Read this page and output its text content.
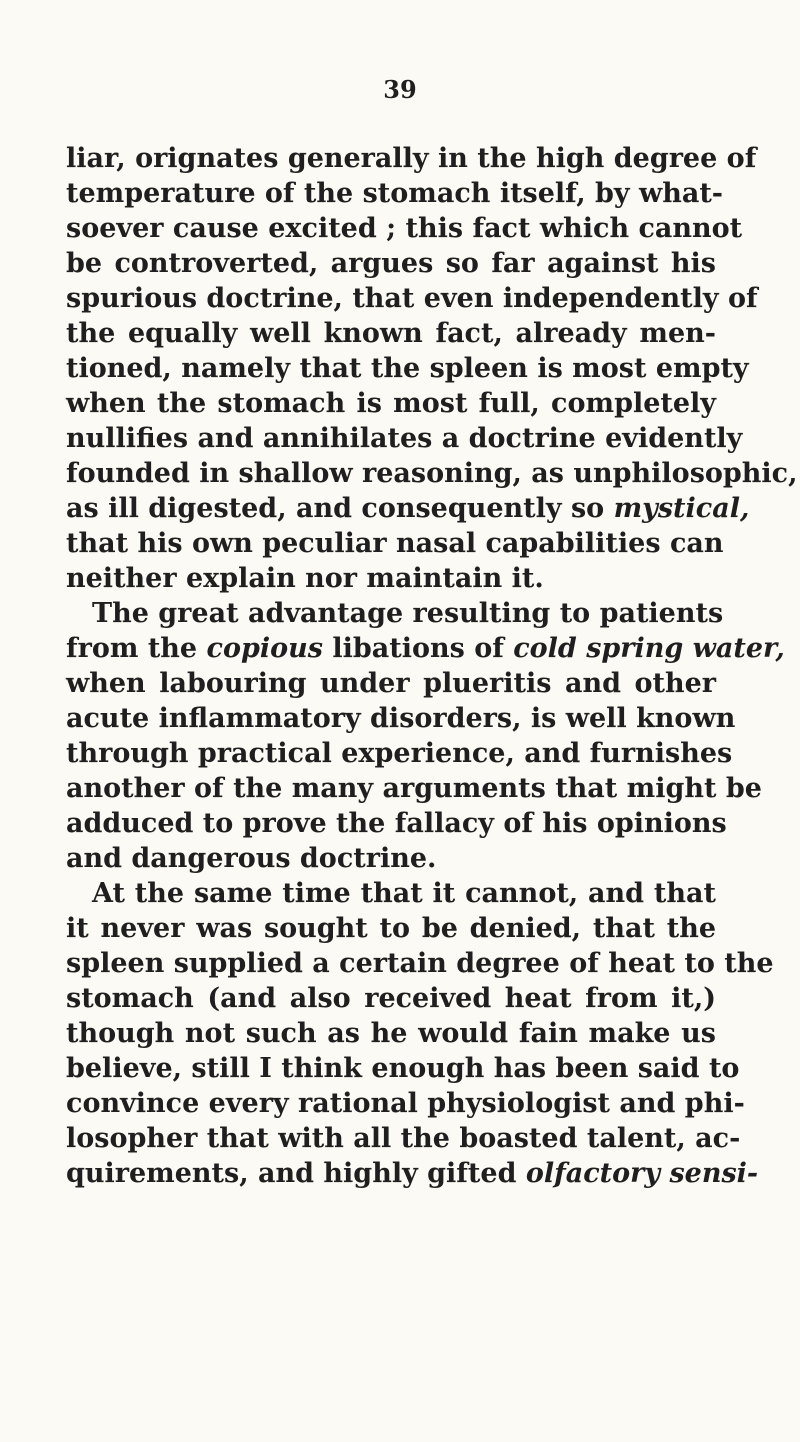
39
liar, orignates generally in the high degree of
temperature of the stomach itself, by what-
soever cause excited ; this fact which cannot
be controverted, argues so far against his
spurious doctrine, that even independently of
the equally well known fact, already men-
tioned, namely that the spleen is most empty
when the stomach is most full, completely
nullifies and annihilates a doctrine evidently
founded in shallow reasoning, as unphilosophic,
as ill digested, and consequently so mystical,
that his own peculiar nasal capabilities can
neither explain nor maintain it.
The great advantage resulting to patients
from the copious libations of cold spring water,
when labouring under plueritis and other
acute inflammatory disorders, is well known
through practical experience, and furnishes
another of the many arguments that might be
adduced to prove the fallacy of his opinions
and dangerous doctrine.
At the same time that it cannot, and that
it never was sought to be denied, that the
spleen supplied a certain degree of heat to the
stomach (and also received heat from it,)
though not such as he would fain make us
believe, still I think enough has been said to
convince every rational physiologist and phi-
losopher that with all the boasted talent, ac-
quirements, and highly gifted olfactory sensi-
